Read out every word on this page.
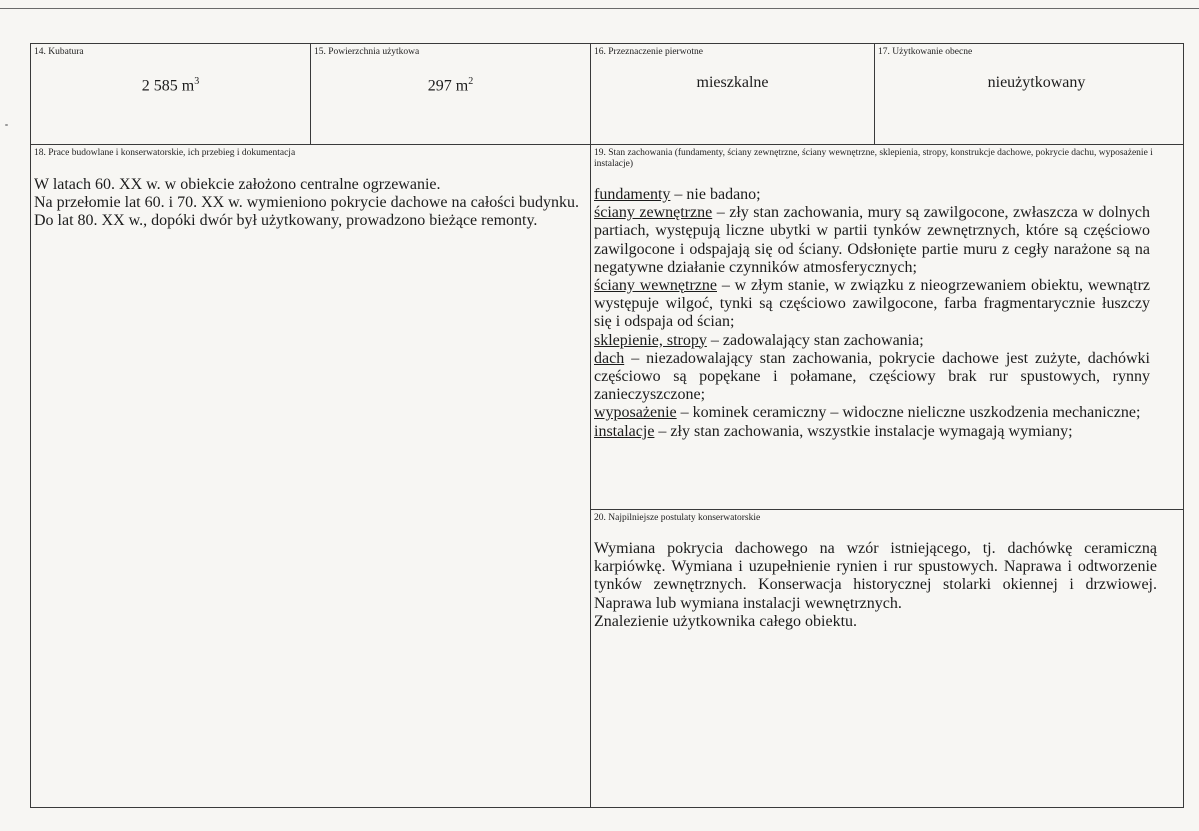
14. Kubatura
2 585 $m^3$
15. Powierzchnia użytkowa
297 $m^2$
16. Przeznaczenie pierwotne
mieszkalne
17. Użytkowanie obecne
nieużytkowany
18. Prace budowlane i konserwatorskie, ich przebieg i dokumentacja

W latach 60. XX w. w obiekcie założono centralne ogrzewanie.

Na przełomie lat 60. i 70. XX w. wymieniono pokrycie dachowe na całości budynku.

Do lat 80. XX w., dopóki dwór był użytkowany, prowadzono bieżące remonty.

19. Stan zachowania (fundamenty, ściany zewnętrzne, ściany wewnętrzne, sklepienia, stropy, konstrukcje dachowe, pokrycie dachu, wyposażenie i instalacje)

fundamenty – nie badano;

ściany zewnętrzne – zły stan zachowania, mury są zawilgocone, zwłaszcza w dolnych partiach, występują liczne ubytki w partii tynków zewnętrznych, które są częściowo zawilgocone i odspajają się od ściany. Odsłonięte partie muru z cegły narażone są na negatywne działanie czynników atmosferycznych;

ściany wewnętrzne – w złym stanie, w związku z nieogrzewaniem obiektu, wewnątrz występuje wilgoć, tynki są częściowo zawilgocone, farba fragmentarycznie łuszczy się i odspaja od ścian;

sklepienie, stropy – zadowalający stan zachowania;

dach – niezadowalający stan zachowania, pokrycie dachowe jest zużyte, dachówki częściowo są popękane i połamane, częściowy brak rur spustowych, rynny zanieczyszczone;

wyposażenie – kominek ceramiczny – widoczne nieliczne uszkodzenia mechaniczne;

instalacje – zły stan zachowania, wszystkie instalacje wymagają wymiany;

20. Najpilniejsze postulaty konserwatorskie

Wymiana pokrycia dachowego na wzór istniejącego, tj. dachówkę ceramiczną karpiówkę. Wymiana i uzupełnienie rynien i rur spustowych. Naprawa i odtworzenie tynków zewnętrznych. Konserwacja historycznej stolarki okiennej i drzwiowej. Naprawa lub wymiana instalacji wewnętrznych.

Znalezienie użytkownika całego obiektu.
